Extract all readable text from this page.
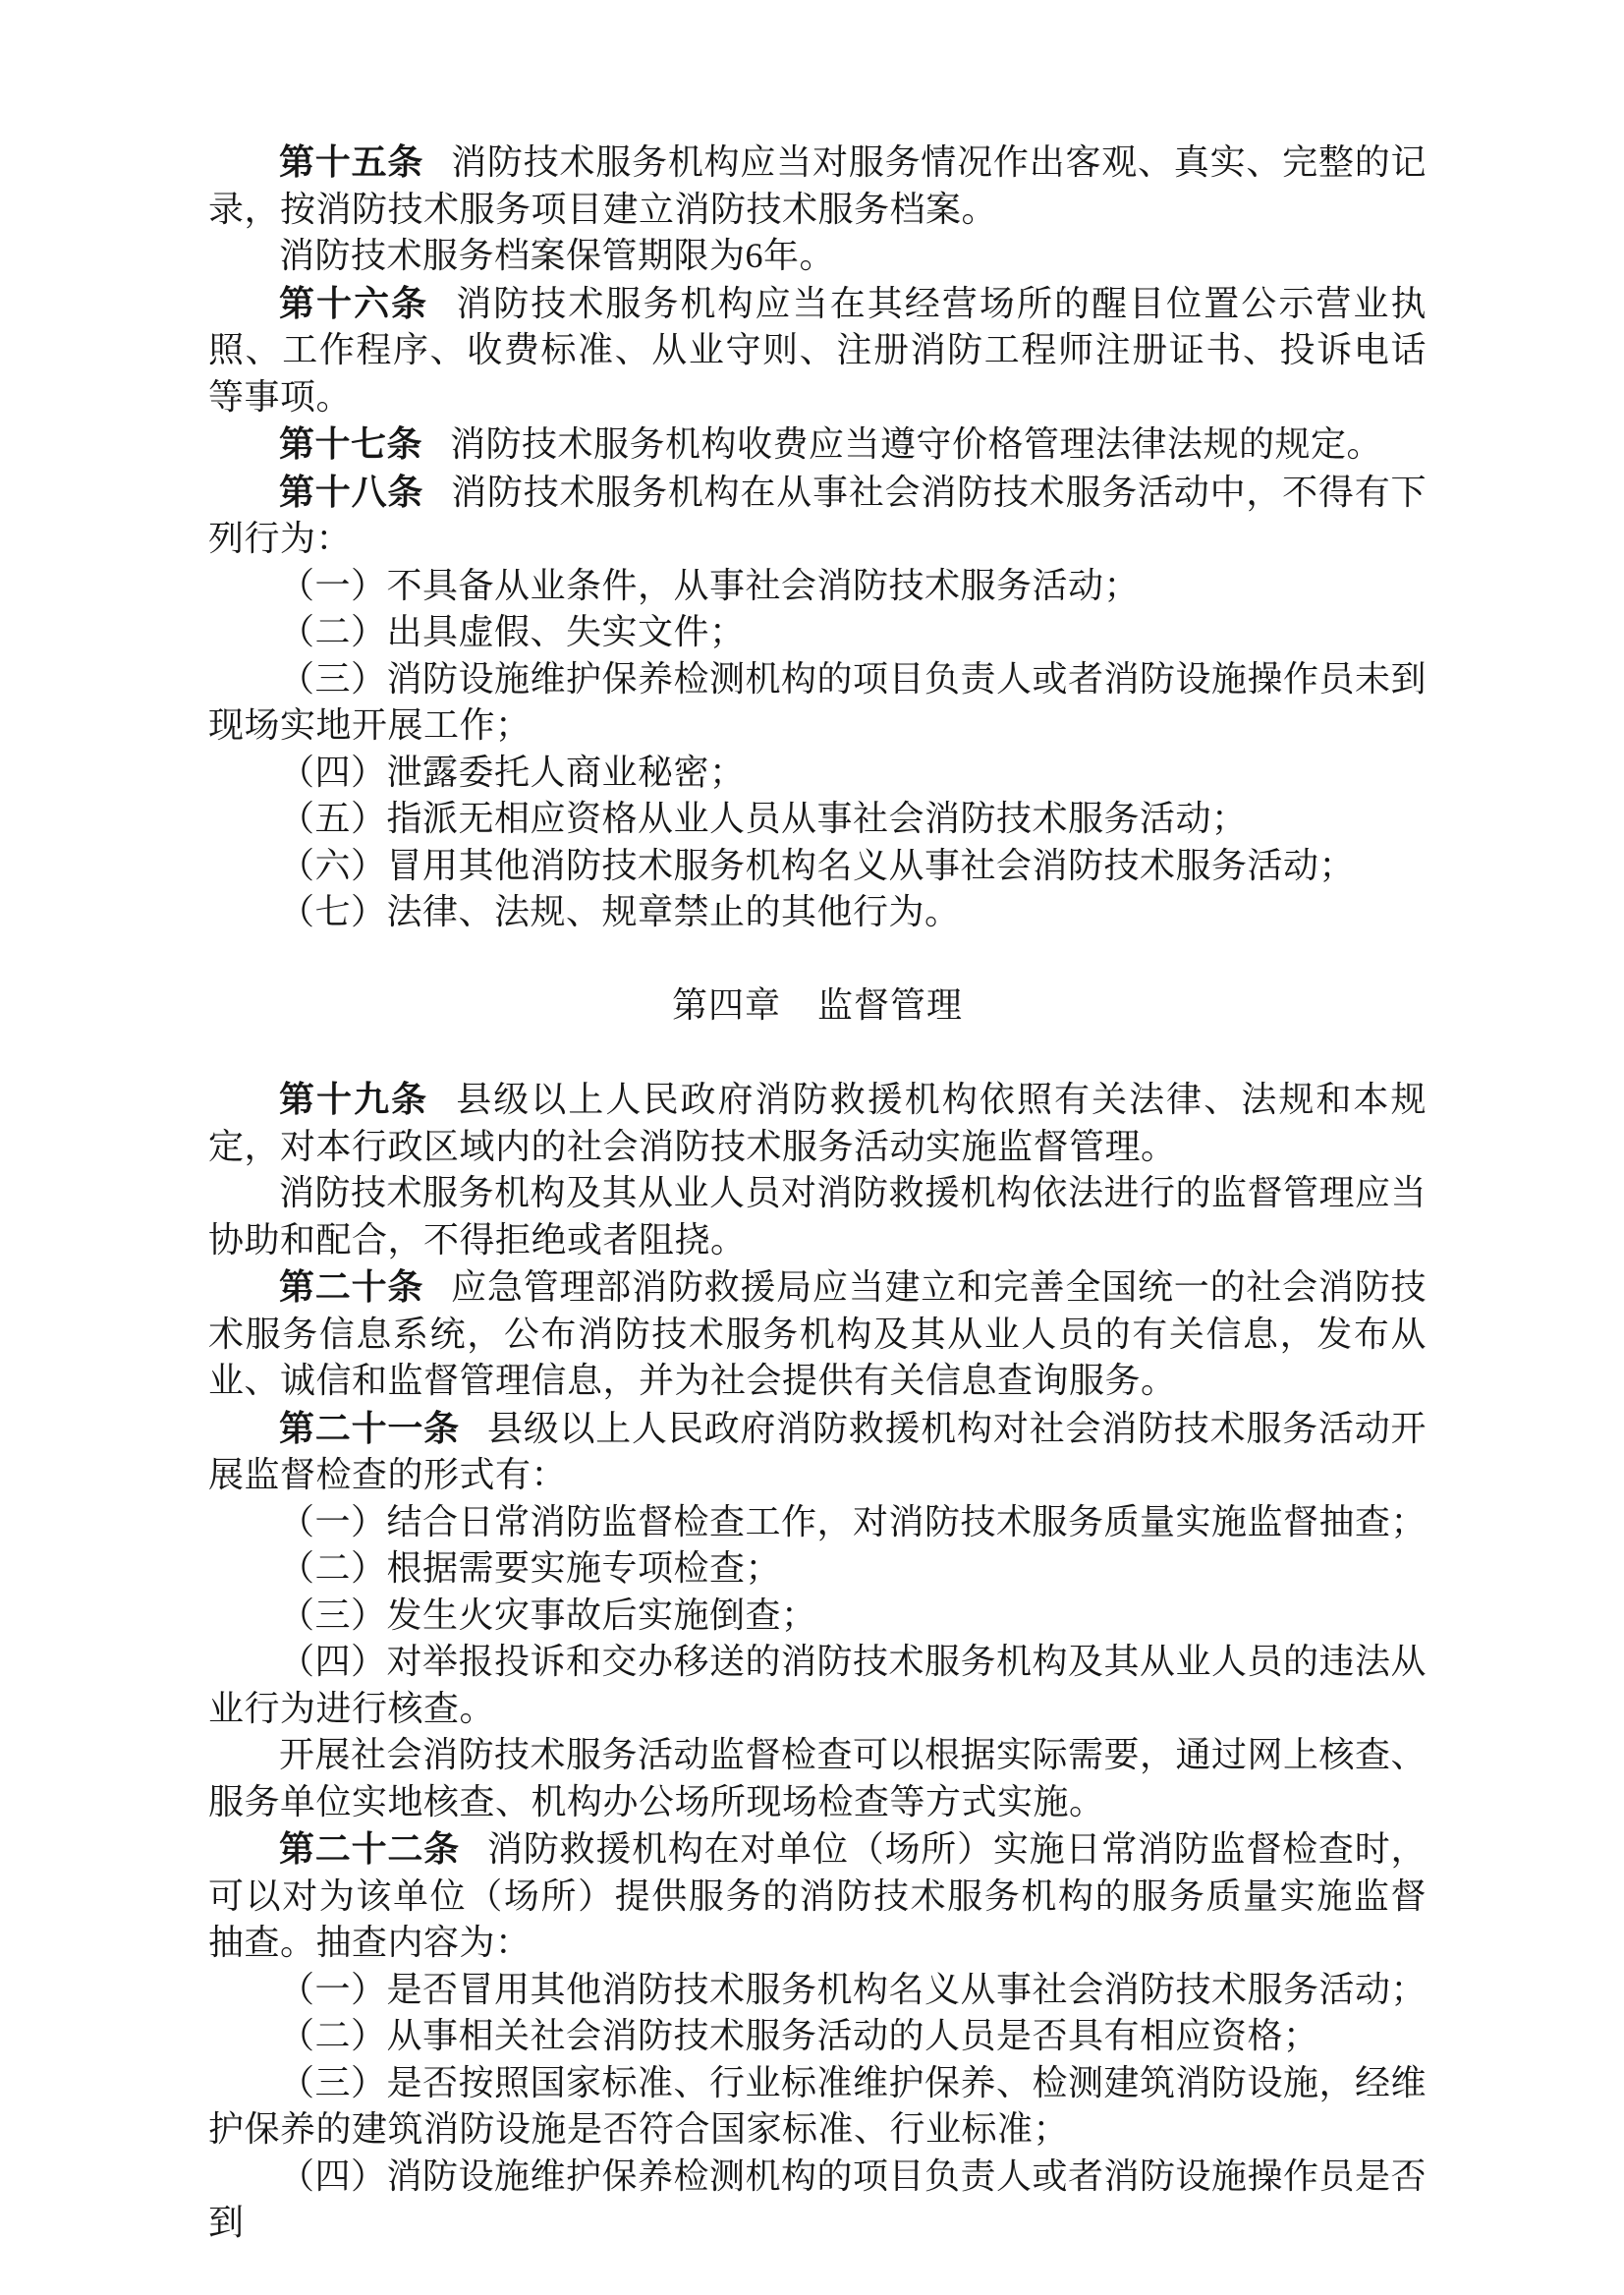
第十五条 消防技术服务机构应当对服务情况作出客观、真实、完整的记录，按消防技术服务项目建立消防技术服务档案。

消防技术服务档案保管期限为6年。

第十六条 消防技术服务机构应当在其经营场所的醒目位置公示营业执照、工作程序、收费标准、从业守则、注册消防工程师注册证书、投诉电话等事项。

第十七条 消防技术服务机构收费应当遵守价格管理法律法规的规定。

第十八条 消防技术服务机构在从事社会消防技术服务活动中，不得有下列行为：

（一）不具备从业条件，从事社会消防技术服务活动；

（二）出具虚假、失实文件；

（三）消防设施维护保养检测机构的项目负责人或者消防设施操作员未到现场实地开展工作；

（四）泄露委托人商业秘密；

（五）指派无相应资格从业人员从事社会消防技术服务活动；

（六）冒用其他消防技术服务机构名义从事社会消防技术服务活动；

（七）法律、法规、规章禁止的其他行为。

第四章　监督管理

第十九条 县级以上人民政府消防救援机构依照有关法律、法规和本规定，对本行政区域内的社会消防技术服务活动实施监督管理。

消防技术服务机构及其从业人员对消防救援机构依法进行的监督管理应当协助和配合，不得拒绝或者阻挠。

第二十条 应急管理部消防救援局应当建立和完善全国统一的社会消防技术服务信息系统，公布消防技术服务机构及其从业人员的有关信息，发布从业、诚信和监督管理信息，并为社会提供有关信息查询服务。

第二十一条 县级以上人民政府消防救援机构对社会消防技术服务活动开展监督检查的形式有：

（一）结合日常消防监督检查工作，对消防技术服务质量实施监督抽查；

（二）根据需要实施专项检查；

（三）发生火灾事故后实施倒查；

（四）对举报投诉和交办移送的消防技术服务机构及其从业人员的违法从业行为进行核查。

开展社会消防技术服务活动监督检查可以根据实际需要，通过网上核查、服务单位实地核查、机构办公场所现场检查等方式实施。

第二十二条 消防救援机构在对单位（场所）实施日常消防监督检查时，可以对为该单位（场所）提供服务的消防技术服务机构的服务质量实施监督抽查。抽查内容为：

（一）是否冒用其他消防技术服务机构名义从事社会消防技术服务活动；

（二）从事相关社会消防技术服务活动的人员是否具有相应资格；

（三）是否按照国家标准、行业标准维护保养、检测建筑消防设施，经维护保养的建筑消防设施是否符合国家标准、行业标准；

（四）消防设施维护保养检测机构的项目负责人或者消防设施操作员是否到
